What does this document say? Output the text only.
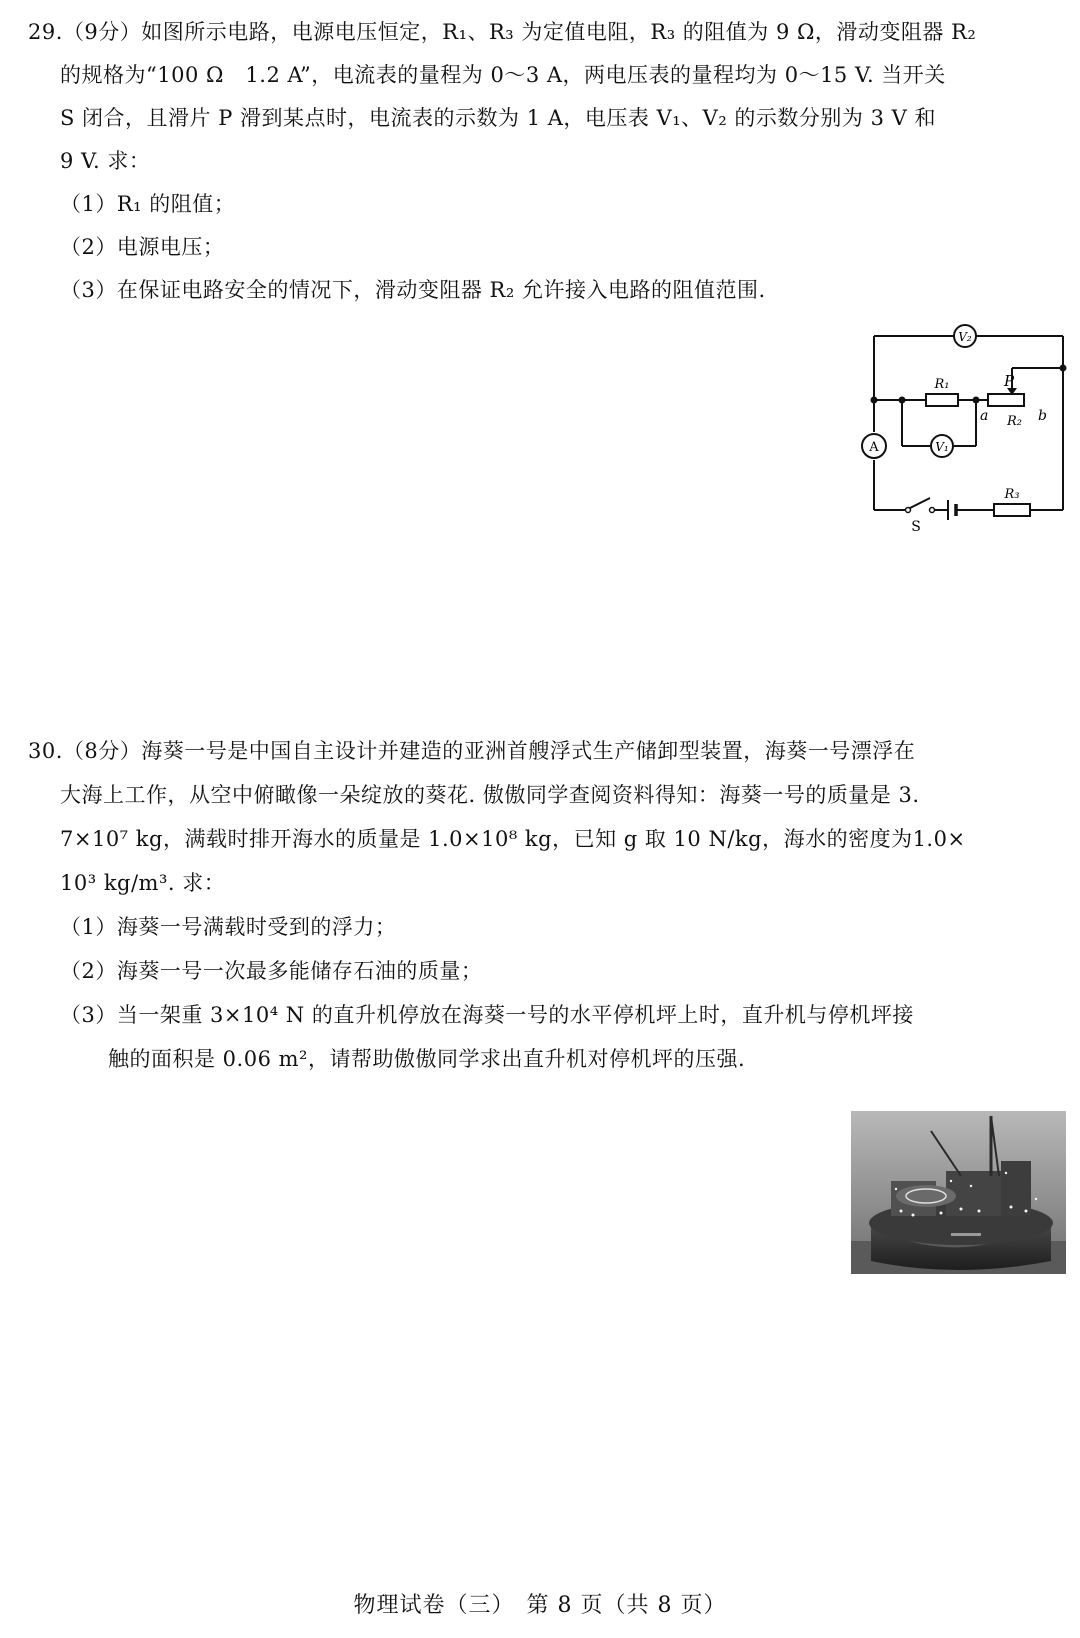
29.（9分）如图所示电路，电源电压恒定，R₁、R₃ 为定值电阻，R₃ 的阻值为 9 Ω，滑动变阻器 R₂
的规格为“100 Ω　1.2 A”，电流表的量程为 0～3 A，两电压表的量程均为 0～15 V. 当开关
S 闭合，且滑片 P 滑到某点时，电流表的示数为 1 A，电压表 V₁、V₂ 的示数分别为 3 V 和
9 V. 求：
（1）R₁ 的阻值；
（2）电源电压；
（3）在保证电路安全的情况下，滑动变阻器 R₂ 允许接入电路的阻值范围.
V₂
V₁
A
R₁	P
a R₂ b
R₃
S
30.（8分）海葵一号是中国自主设计并建造的亚洲首艘浮式生产储卸型装置，海葵一号漂浮在
大海上工作，从空中俯瞰像一朵绽放的葵花. 傲傲同学查阅资料得知：海葵一号的质量是 3.
7×10⁷ kg，满载时排开海水的质量是 1.0×10⁸ kg，已知 g 取 10 N/kg，海水的密度为1.0×
10³ kg/m³. 求：
（1）海葵一号满载时受到的浮力；
（2）海葵一号一次最多能储存石油的质量；
（3）当一架重 3×10⁴ N 的直升机停放在海葵一号的水平停机坪上时，直升机与停机坪接
触的面积是 0.06 m²，请帮助傲傲同学求出直升机对停机坪的压强.
物理试卷（三）　第 8 页（共 8 页）
